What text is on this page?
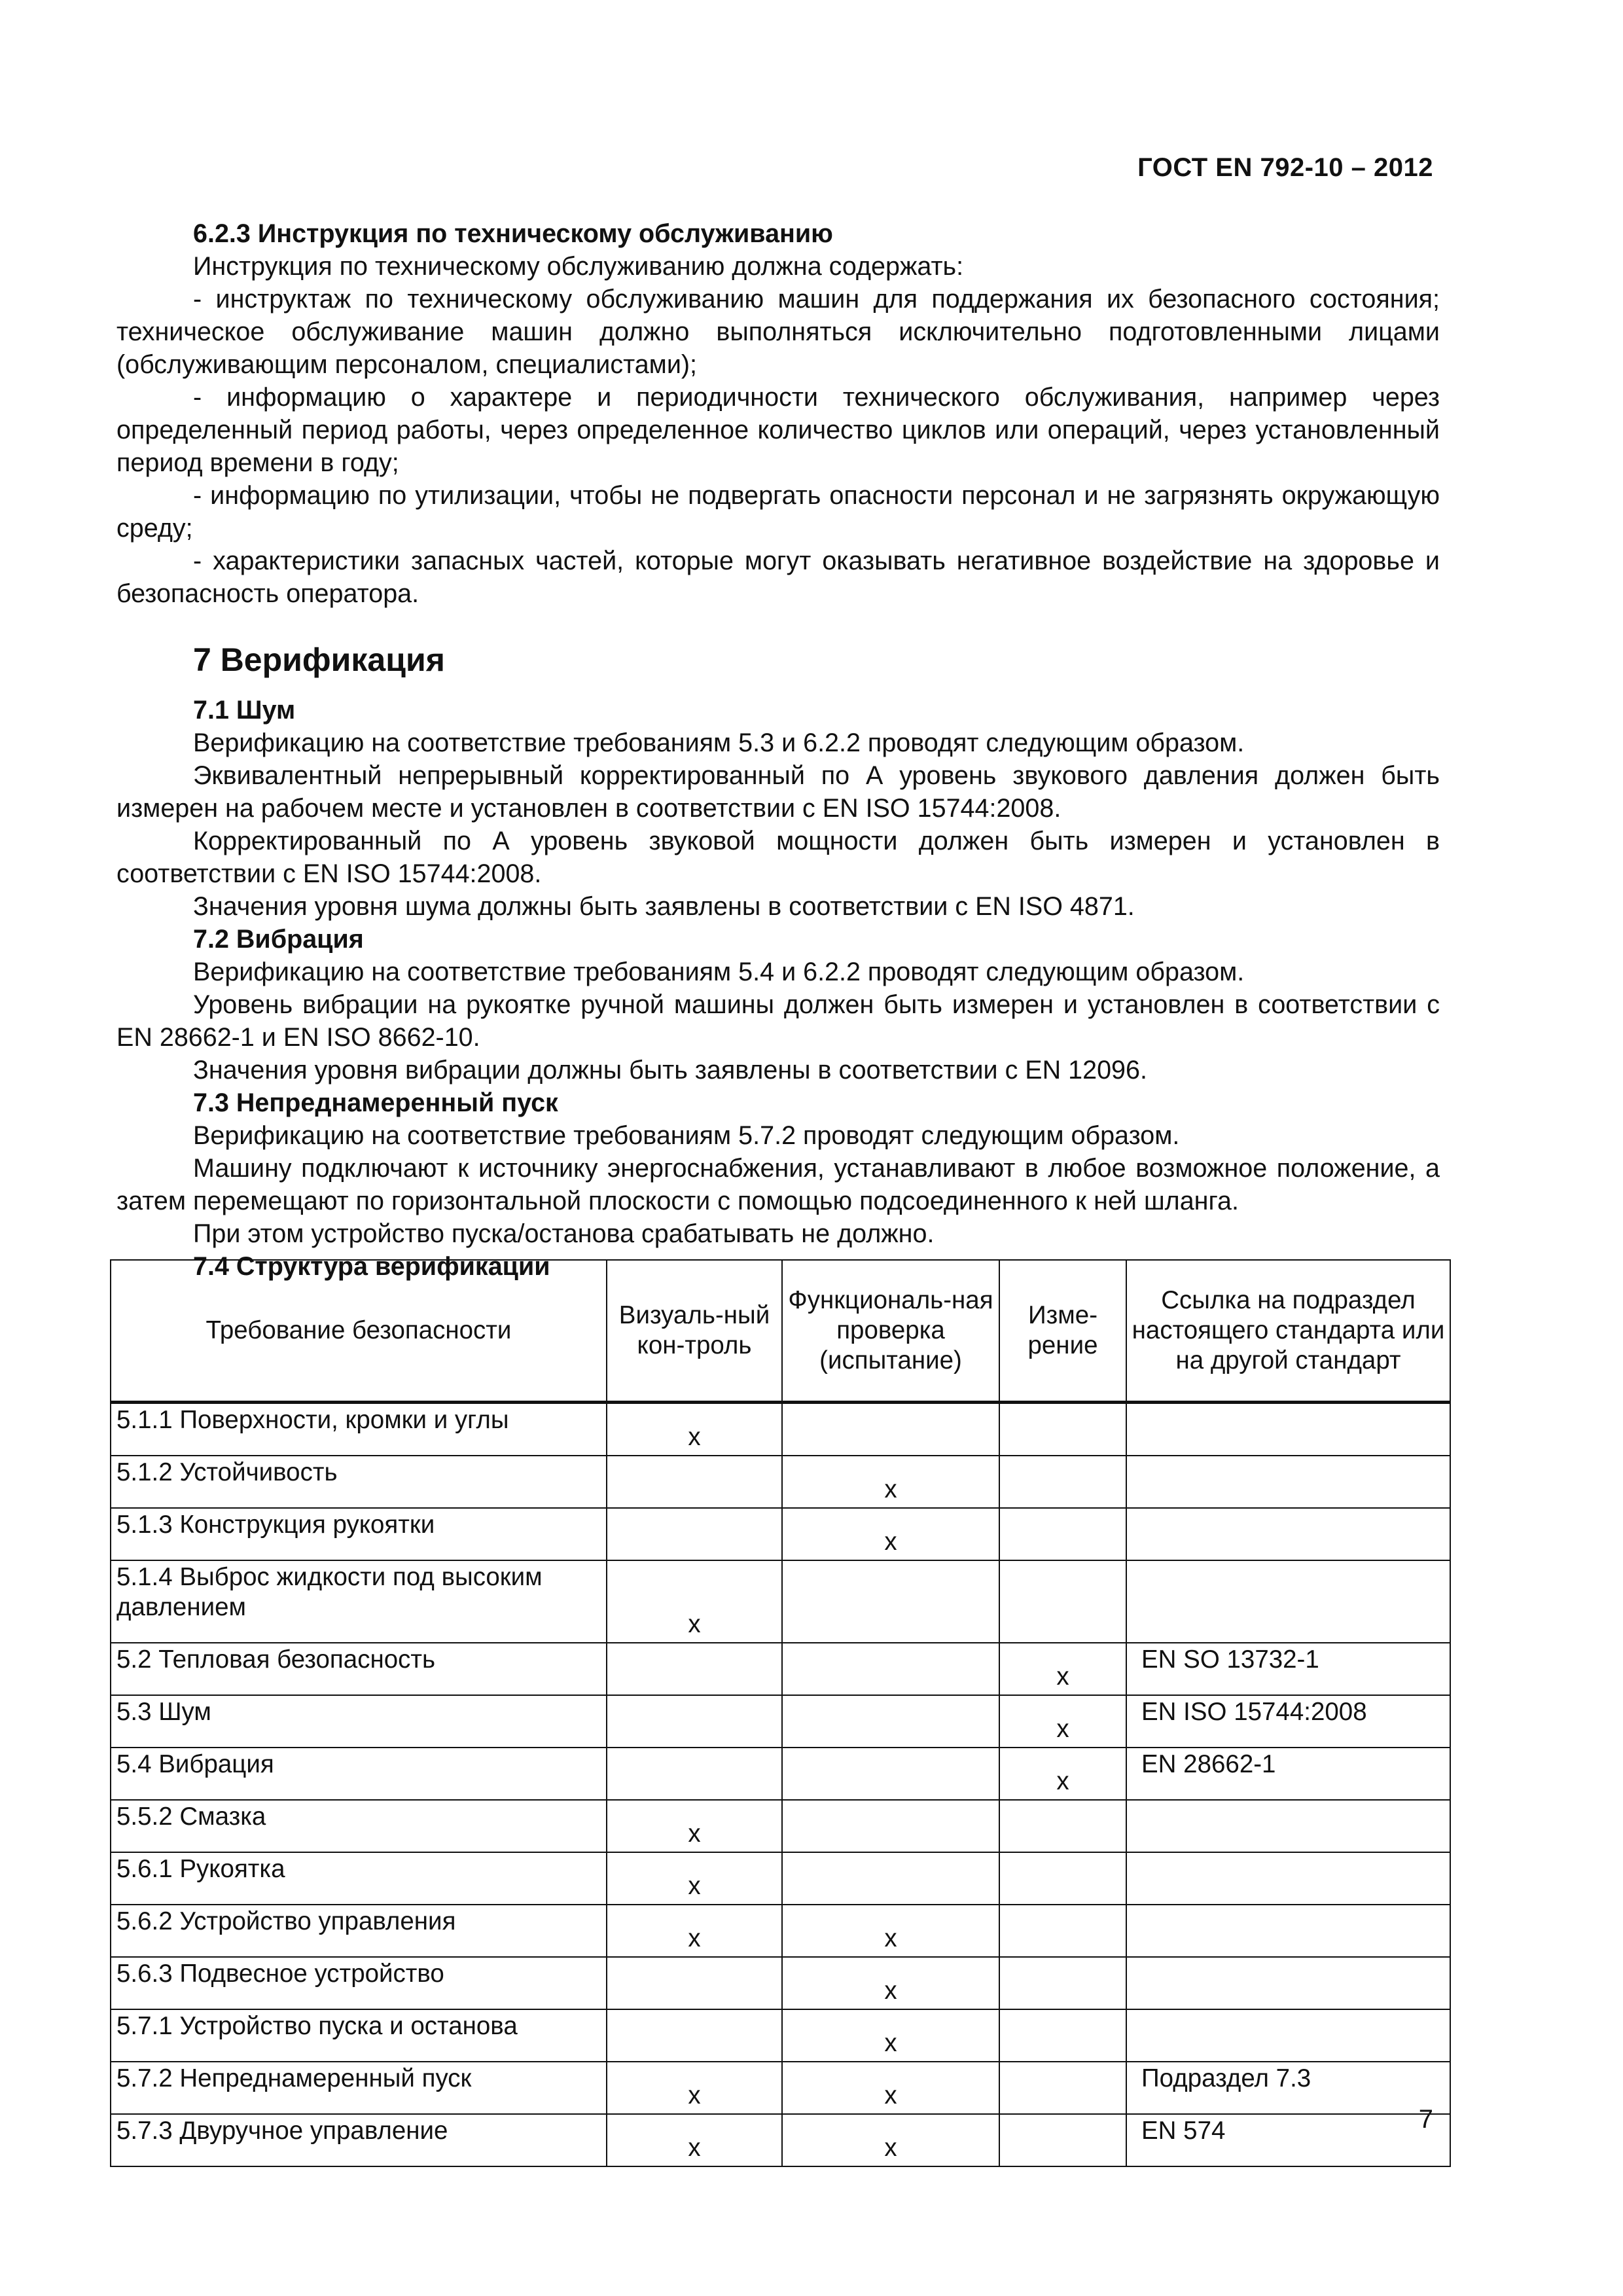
ГОСТ EN 792-10 – 2012

6.2.3 Инструкция по техническому обслуживанию

Инструкция по техническому обслуживанию должна содержать:

- инструктаж по техническому обслуживанию машин для поддержания их безопасного состояния; техническое обслуживание машин должно выполняться исключительно подготовленными лицами (обслуживающим персоналом, специалистами);

- информацию о характере и периодичности технического обслуживания, например через определенный период работы, через определенное количество циклов или операций, через установленный период времени в году;

- информацию по утилизации, чтобы не подвергать опасности персонал и не загрязнять окружающую среду;

- характеристики запасных частей, которые могут оказывать негативное воздействие на здоровье и безопасность оператора.

7 Верификация

7.1 Шум

Верификацию на соответствие требованиям 5.3 и 6.2.2 проводят следующим образом.

Эквивалентный непрерывный корректированный по А уровень звукового давления должен быть измерен на рабочем месте и установлен в соответствии с EN ISO 15744:2008.

Корректированный по А уровень звуковой мощности должен быть измерен и установлен в соответствии с EN ISO 15744:2008.

Значения уровня шума должны быть заявлены в соответствии с EN ISO 4871.

7.2 Вибрация

Верификацию на соответствие требованиям 5.4 и 6.2.2 проводят следующим образом.

Уровень вибрации на рукоятке ручной машины должен быть измерен и установлен в соответствии с EN 28662-1 и EN ISO 8662-10.

Значения уровня вибрации должны быть заявлены в соответствии с EN 12096.

7.3 Непреднамеренный пуск

Верификацию на соответствие требованиям 5.7.2 проводят следующим образом.

Машину подключают к источнику энергоснабжения, устанавливают в любое возможное положение, а затем перемещают по горизонтальной плоскости с помощью подсоединенного к ней шланга.

При этом устройство пуска/останова срабатывать не должно.

7.4 Структура верификации

Требование безопасности	Визуаль-ный кон-троль	Функциональ-ная проверка (испытание)	Изме-рение	Ссылка на подраздел настоящего стандарта или на другой стандарт
5.1.1 Поверхности, кромки и углы	x			
5.1.2 Устойчивость		x		
5.1.3 Конструкция рукоятки		x		
5.1.4 Выброс жидкости под высоким давлением	x			
5.2 Тепловая безопасность			x	EN SO 13732-1
5.3 Шум			x	EN ISO 15744:2008
5.4 Вибрация			x	EN 28662-1
5.5.2 Смазка	x			
5.6.1 Рукоятка	x			
5.6.2 Устройство управления	x	x		
5.6.3 Подвесное устройство		x		
5.7.1 Устройство пуска и останова		x		
5.7.2 Непреднамеренный пуск	x	x		Подраздел 7.3
5.7.3 Двуручное управление	x	x		EN 574	7
